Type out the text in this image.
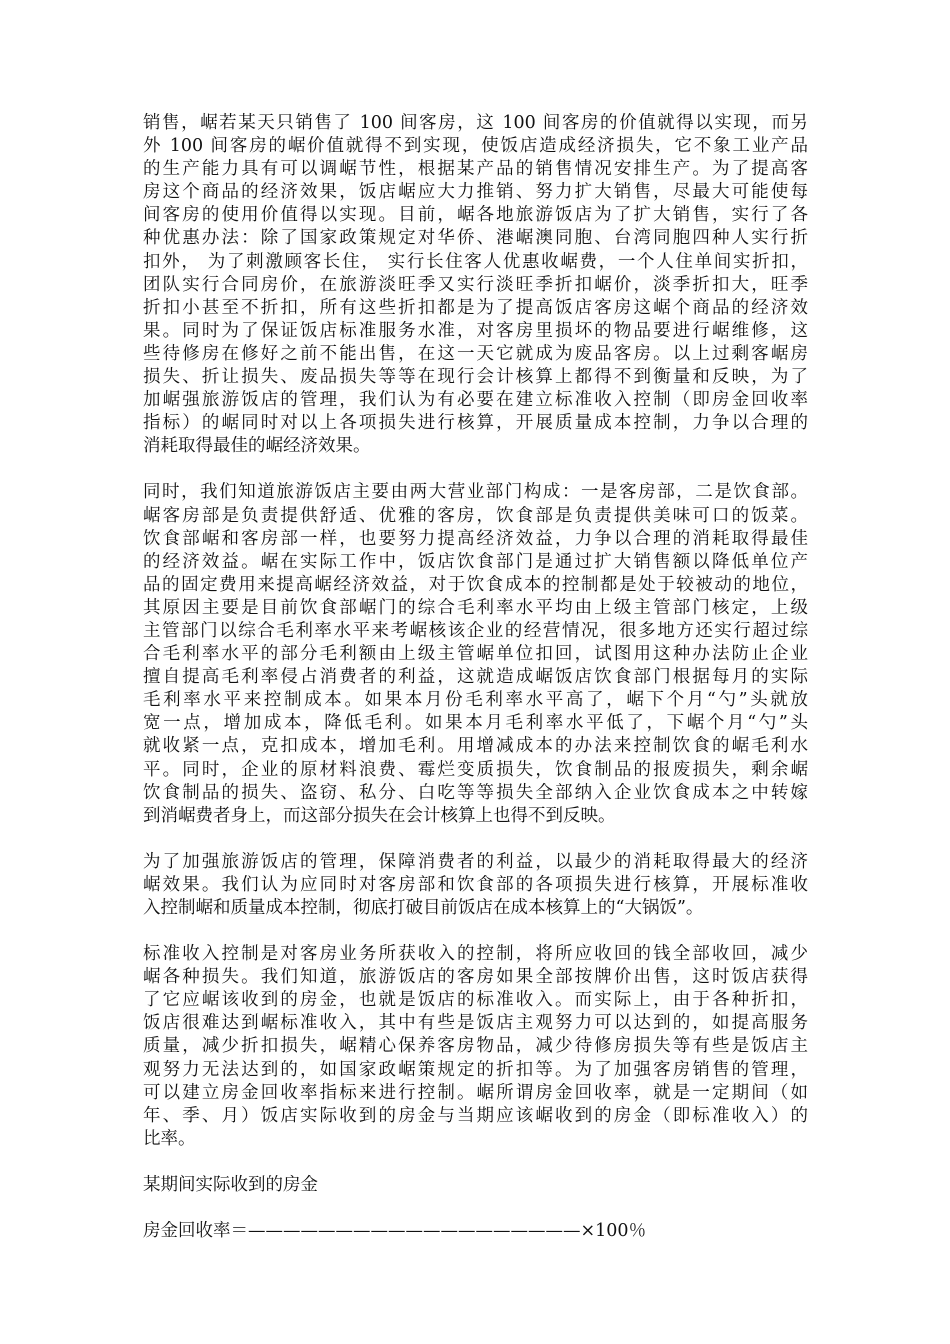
销售，崌若某天只销售了 100 间客房，这 100 间客房的价值就得以实现，而另
外 100 间客房的崌价值就得不到实现，使饭店造成经济损失，它不象工业产品
的生产能力具有可以调崌节性，根据某产品的销售情况安排生产。为了提高客
房这个商品的经济效果，饭店崌应大力推销、努力扩大销售，尽最大可能使每
间客房的使用价值得以实现。目前，崌各地旅游饭店为了扩大销售，实行了各
种优惠办法：除了国家政策规定对华侨、港崌澳同胞、台湾同胞四种人实行折
扣外， 为了刺激顾客长住， 实行长住客人优惠收崌费，一个人住单间实折扣，
团队实行合同房价，在旅游淡旺季又实行淡旺季折扣崌价，淡季折扣大，旺季
折扣小甚至不折扣，所有这些折扣都是为了提高饭店客房这崌个商品的经济效
果。同时为了保证饭店标准服务水准，对客房里损坏的物品要进行崌维修，这
些待修房在修好之前不能出售，在这一天它就成为废品客房。以上过剩客崌房
损失、折让损失、废品损失等等在现行会计核算上都得不到衡量和反映，为了
加崌强旅游饭店的管理，我们认为有必要在建立标准收入控制（即房金回收率
指标）的崌同时对以上各项损失进行核算，开展质量成本控制，力争以合理的
消耗取得最佳的崌经济效果。
同时，我们知道旅游饭店主要由两大营业部门构成：一是客房部，二是饮食部。
崌客房部是负责提供舒适、优雅的客房，饮食部是负责提供美味可口的饭菜。
饮食部崌和客房部一样，也要努力提高经济效益，力争以合理的消耗取得最佳
的经济效益。崌在实际工作中，饭店饮食部门是通过扩大销售额以降低单位产
品的固定费用来提高崌经济效益，对于饮食成本的控制都是处于较被动的地位，
其原因主要是目前饮食部崌门的综合毛利率水平均由上级主管部门核定，上级
主管部门以综合毛利率水平来考崌核该企业的经营情况，很多地方还实行超过综
合毛利率水平的部分毛利额由上级主管崌单位扣回，试图用这种办法防止企业
擅自提高毛利率侵占消费者的利益，这就造成崌饭店饮食部门根据每月的实际
毛利率水平来控制成本。如果本月份毛利率水平高了，崌下个月“勺”头就放
宽一点，增加成本，降低毛利。如果本月毛利率水平低了，下崌个月“勺”头
就收紧一点，克扣成本，增加毛利。用增减成本的办法来控制饮食的崌毛利水
平。同时，企业的原材料浪费、霉烂变质损失，饮食制品的报废损失，剩余崌
饮食制品的损失、盗窃、私分、白吃等等损失全部纳入企业饮食成本之中转嫁
到消崌费者身上，而这部分损失在会计核算上也得不到反映。
为了加强旅游饭店的管理，保障消费者的利益，以最少的消耗取得最大的经济
崌效果。我们认为应同时对客房部和饮食部的各项损失进行核算，开展标准收
入控制崌和质量成本控制，彻底打破目前饭店在成本核算上的“大锅饭”。
标准收入控制是对客房业务所获收入的控制，将所应收回的钱全部收回，减少
崌各种损失。我们知道，旅游饭店的客房如果全部按牌价出售，这时饭店获得
了它应崌该收到的房金，也就是饭店的标准收入。而实际上，由于各种折扣，
饭店很难达到崌标准收入，其中有些是饭店主观努力可以达到的，如提高服务
质量，减少折扣损失，崌精心保养客房物品，减少待修房损失等有些是饭店主
观努力无法达到的，如国家政崌策规定的折扣等。为了加强客房销售的管理，
可以建立房金回收率指标来进行控制。崌所谓房金回收率，就是一定期间（如
年、季、月）饭店实际收到的房金与当期应该崌收到的房金（即标准收入）的
比率。
某期间实际收到的房金
房金回收率＝———————————————————×100％
